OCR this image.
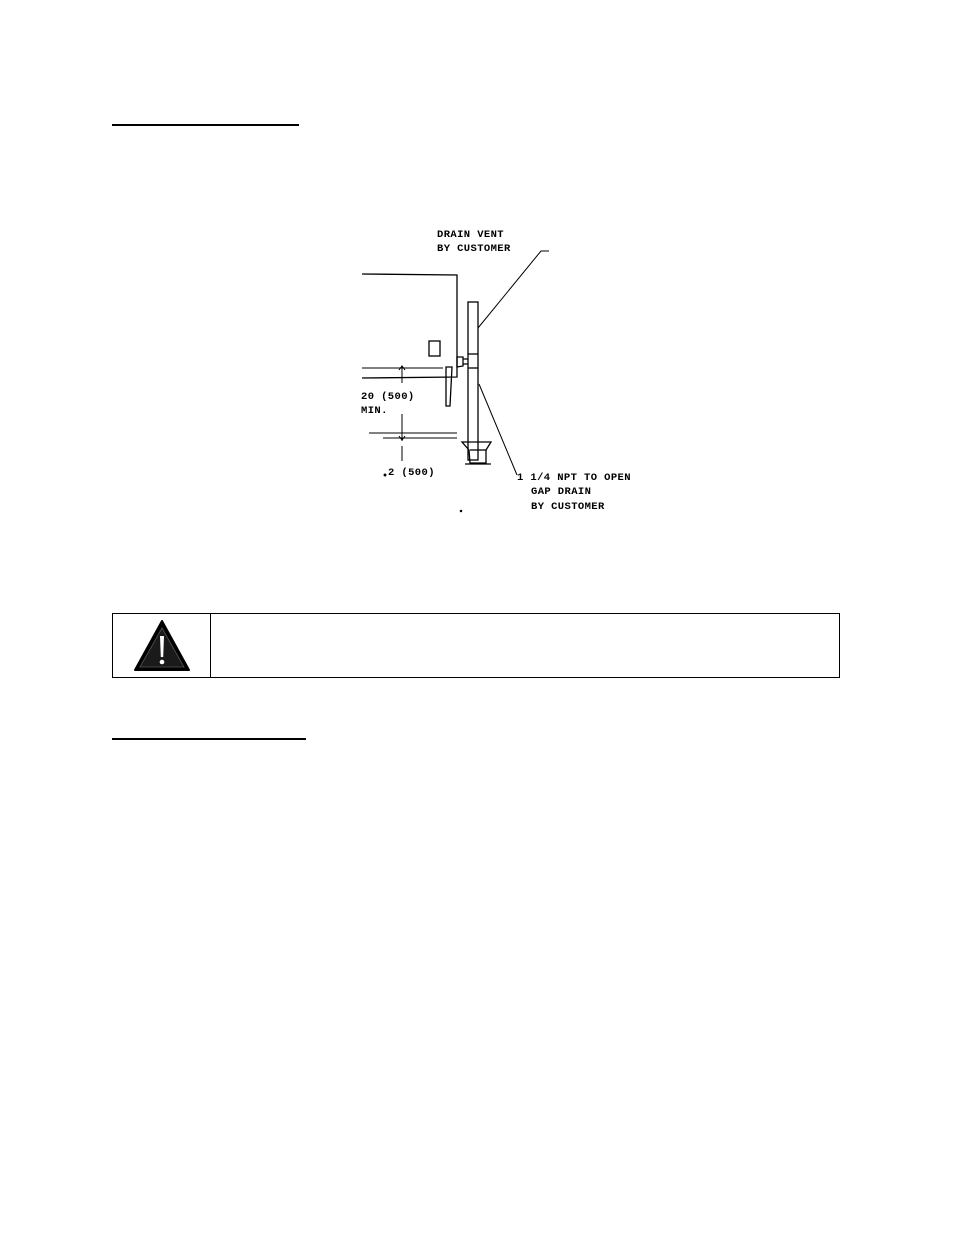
DRAIN VENT
BY CUSTOMER
20 (500)
MIN.
2 (500)	1 1/4 NPT TO OPEN
GAP DRAIN
BY CUSTOMER
